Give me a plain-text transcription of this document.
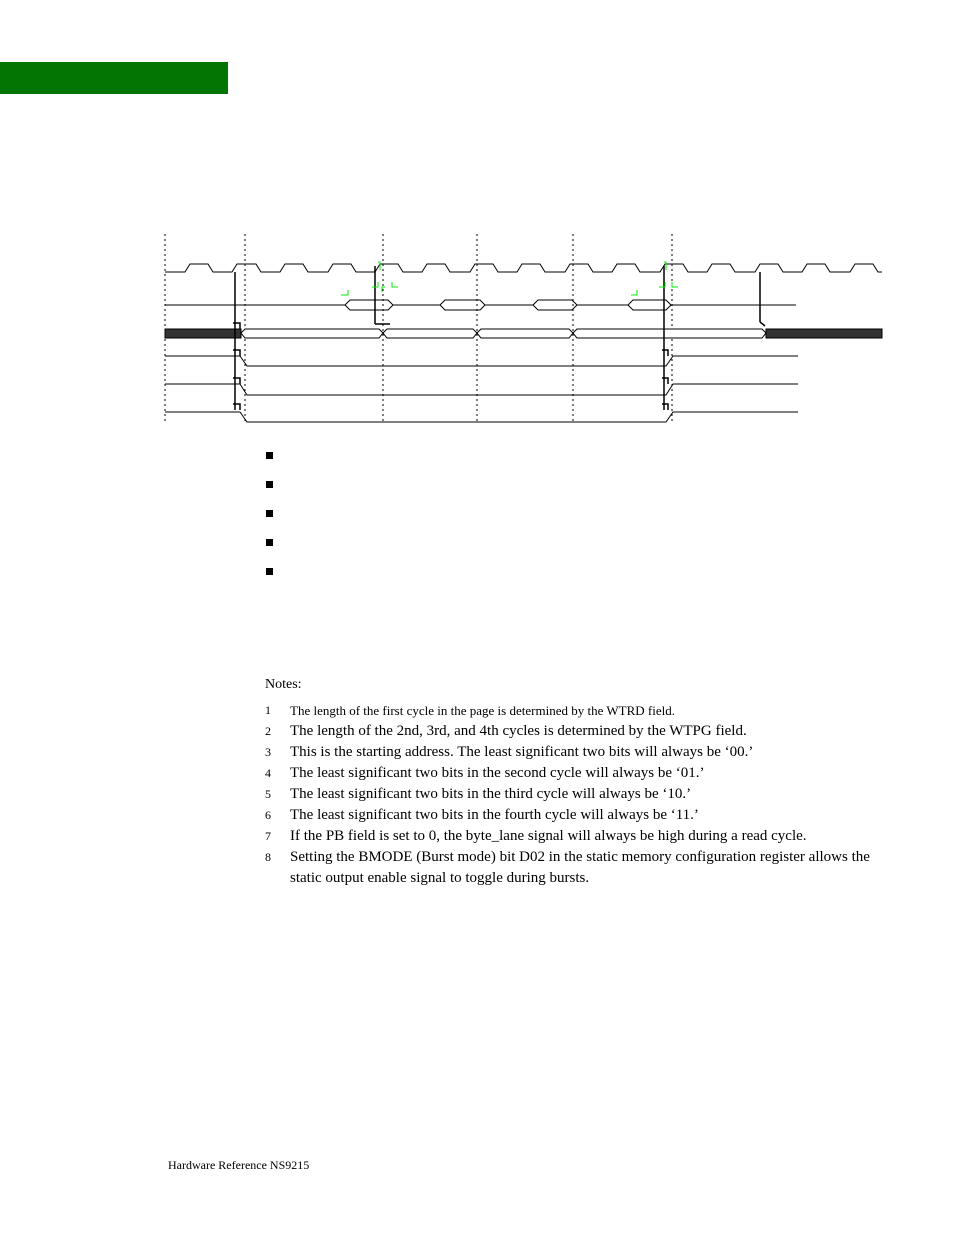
Notes:
1 The length of the first cycle in the page is determined by the WTRD field.
2 The length of the 2nd, 3rd, and 4th cycles is determined by the WTPG field.
3 This is the starting address. The least significant two bits will always be ‘00.’
4 The least significant two bits in the second cycle will always be ‘01.’
5 The least significant two bits in the third cycle will always be ‘10.’
6 The least significant two bits in the fourth cycle will always be ‘11.’
7 If the PB field is set to 0, the byte_lane signal will always be high during a read cycle.
8 Setting the BMODE (Burst mode) bit D02 in the static memory configuration register allows the static output enable signal to toggle during bursts.
Hardware Reference NS9215
